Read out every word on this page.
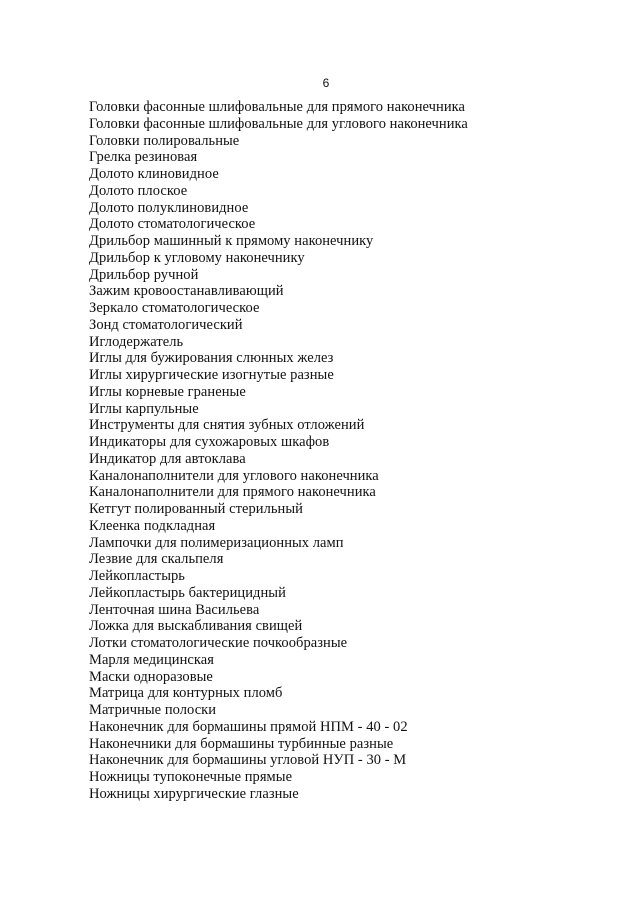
6
Головки фасонные шлифовальные для прямого наконечника
Головки фасонные шлифовальные для углового наконечника
Головки полировальные
Грелка резиновая
Долото клиновидное
Долото плоское
Долото полуклиновидное
Долото стоматологическое
Дрильбор машинный к прямому наконечнику
Дрильбор к угловому наконечнику
Дрильбор ручной
Зажим кровоостанавливающий
Зеркало стоматологическое
Зонд стоматологический
Иглодержатель
Иглы для бужирования слюнных желез
Иглы хирургические изогнутые разные
Иглы корневые граненые
Иглы карпульные
Инструменты для снятия зубных отложений
Индикаторы для сухожаровых шкафов
Индикатор для автоклава
Каналонаполнители для углового наконечника
Каналонаполнители для прямого наконечника
Кетгут полированный стерильный
Клеенка подкладная
Лампочки для полимеризационных ламп
Лезвие для скальпеля
Лейкопластырь
Лейкопластырь бактерицидный
Ленточная шина Васильева
Ложка для выскабливания свищей
Лотки стоматологические почкообразные
Марля медицинская
Маски одноразовые
Матрица для контурных пломб
Матричные полоски
Наконечник для бормашины прямой НПМ - 40 - 02
Наконечники для бормашины турбинные разные
Наконечник для бормашины угловой НУП - 30 - М
Ножницы тупоконечные прямые
Ножницы хирургические глазные
